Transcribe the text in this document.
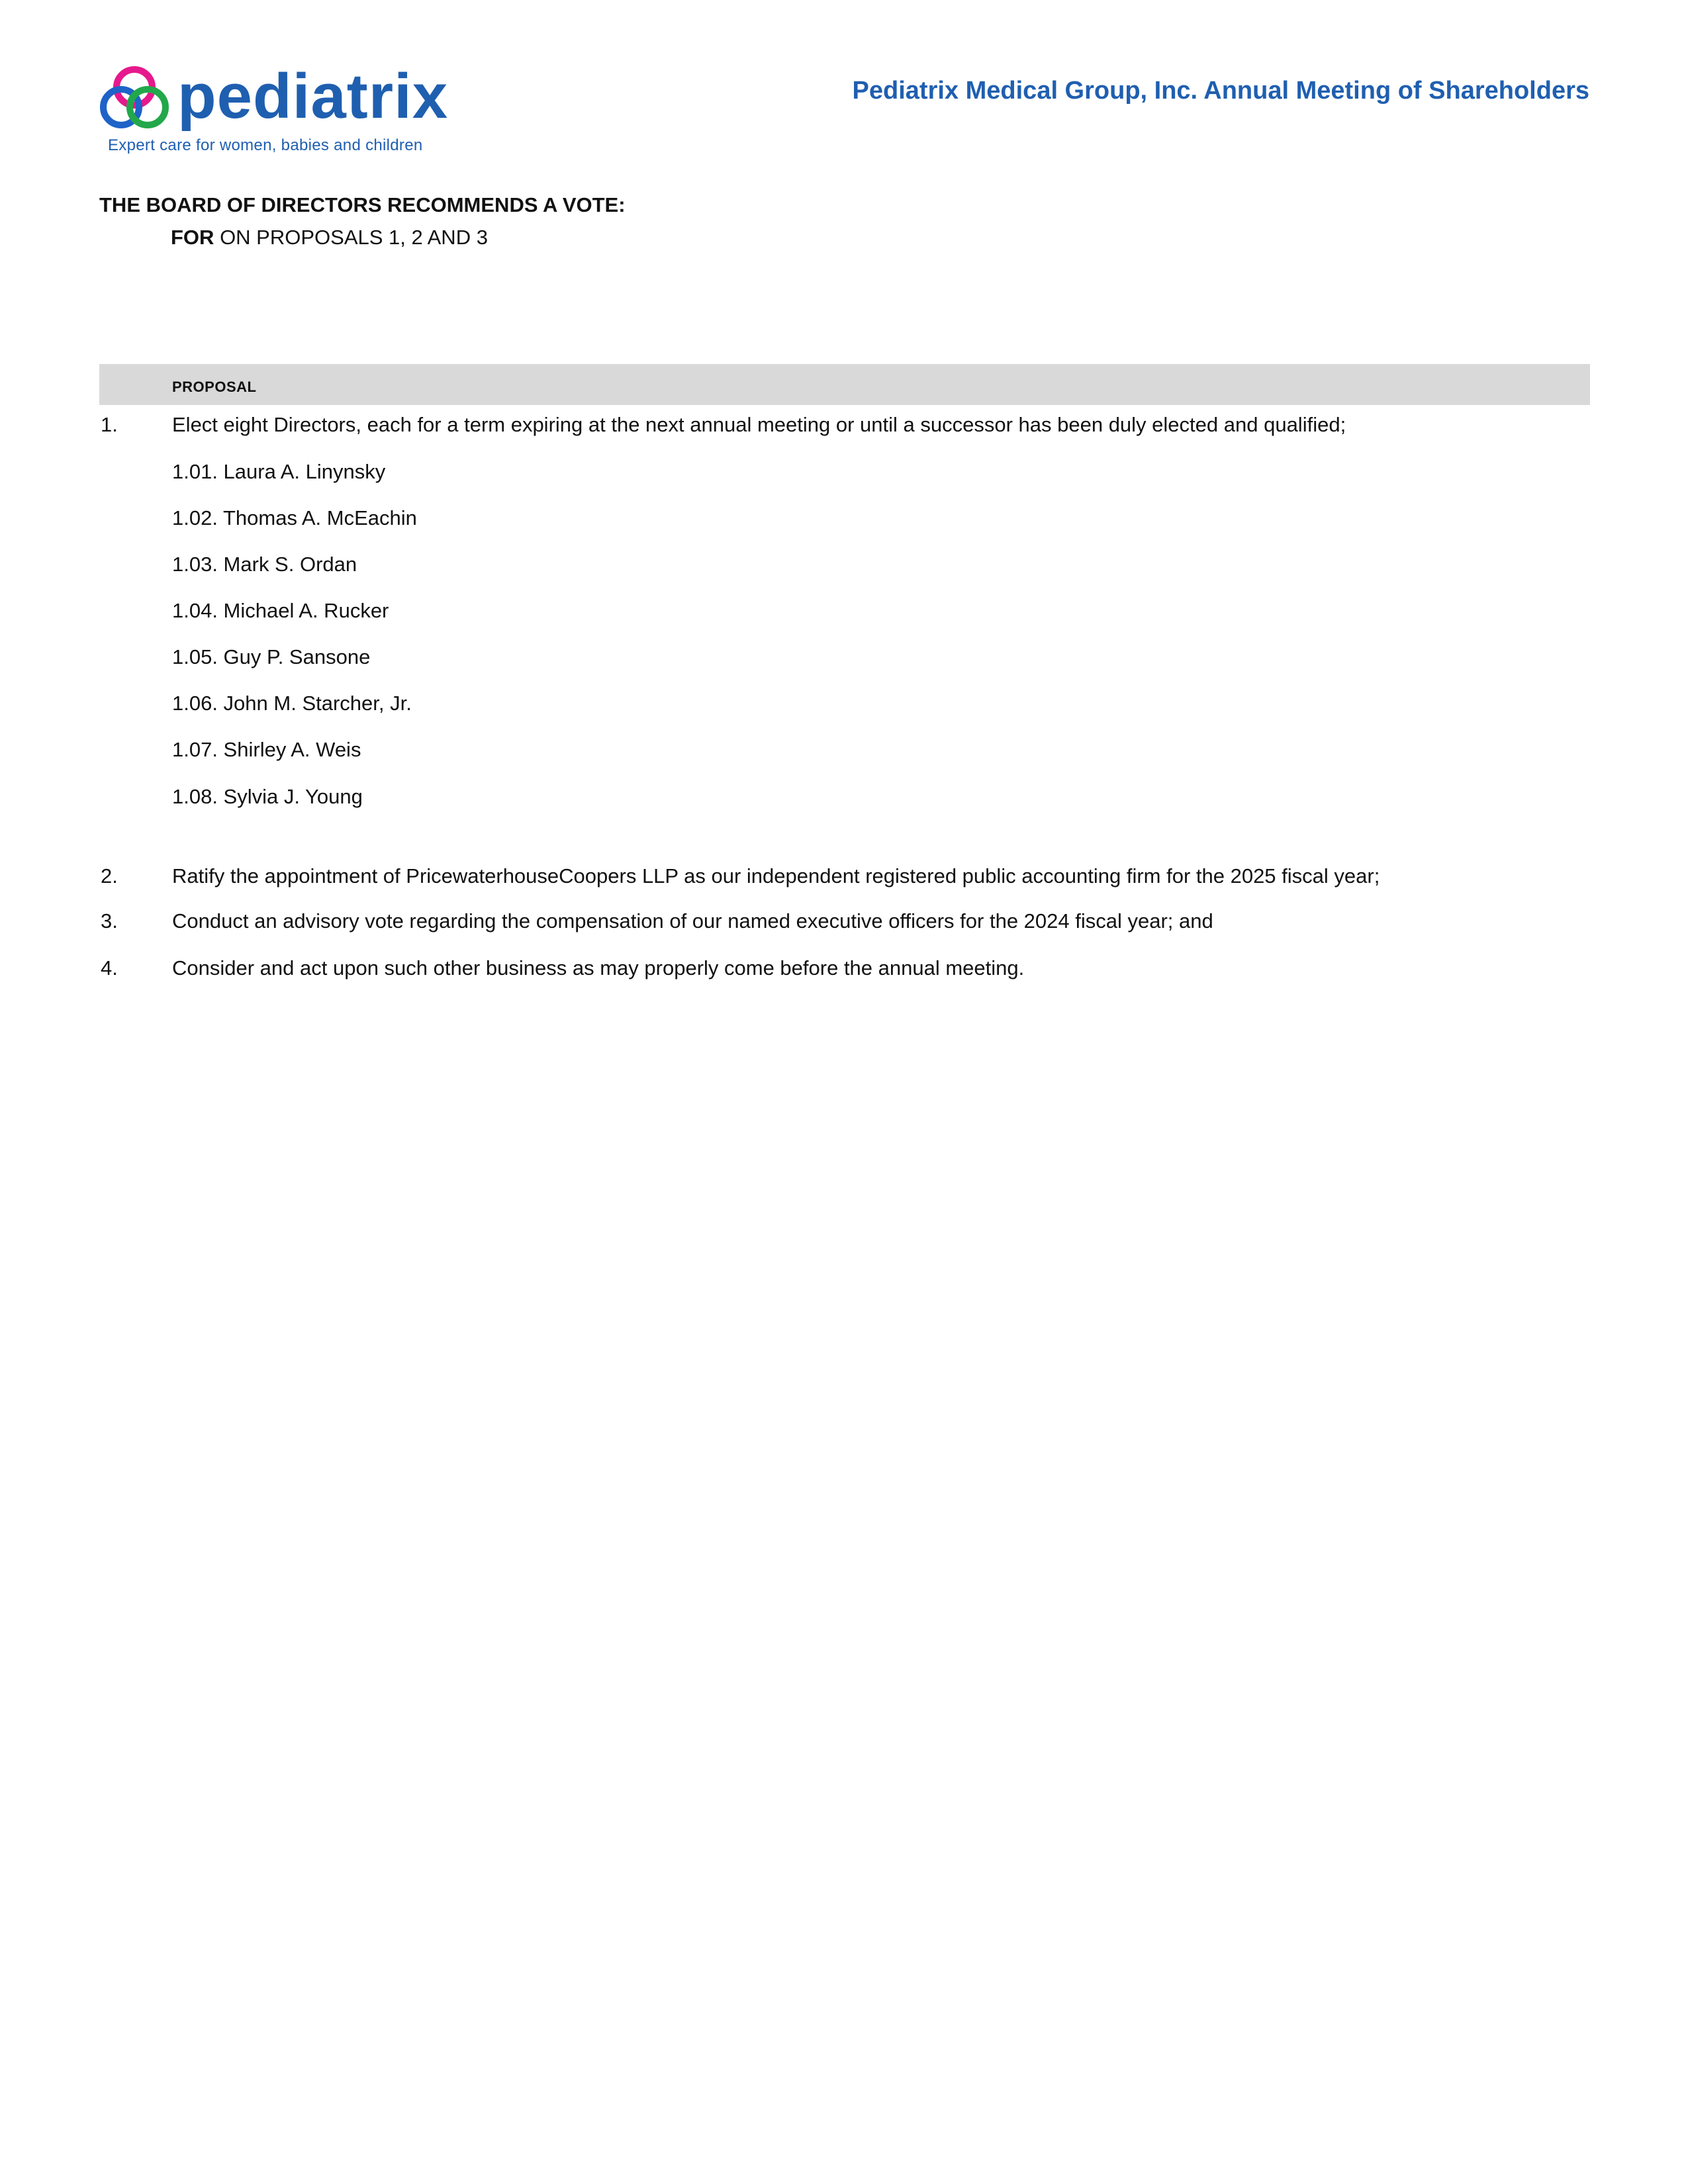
pediatrix
Expert care for women, babies and children
Pediatrix Medical Group, Inc. Annual Meeting of Shareholders
THE BOARD OF DIRECTORS RECOMMENDS A VOTE:
FOR ON PROPOSALS 1, 2 AND 3
PROPOSAL
1.	Elect eight Directors, each for a term expiring at the next annual meeting or until a successor has been duly elected and qualified;
1.01. Laura A. Linynsky
1.02. Thomas A. McEachin
1.03. Mark S. Ordan
1.04. Michael A. Rucker
1.05. Guy P. Sansone
1.06. John M. Starcher, Jr.
1.07. Shirley A. Weis
1.08. Sylvia J. Young
2.	Ratify the appointment of PricewaterhouseCoopers LLP as our independent registered public accounting firm for the 2025 fiscal year;
3.	Conduct an advisory vote regarding the compensation of our named executive officers for the 2024 fiscal year; and
4.	Consider and act upon such other business as may properly come before the annual meeting.
